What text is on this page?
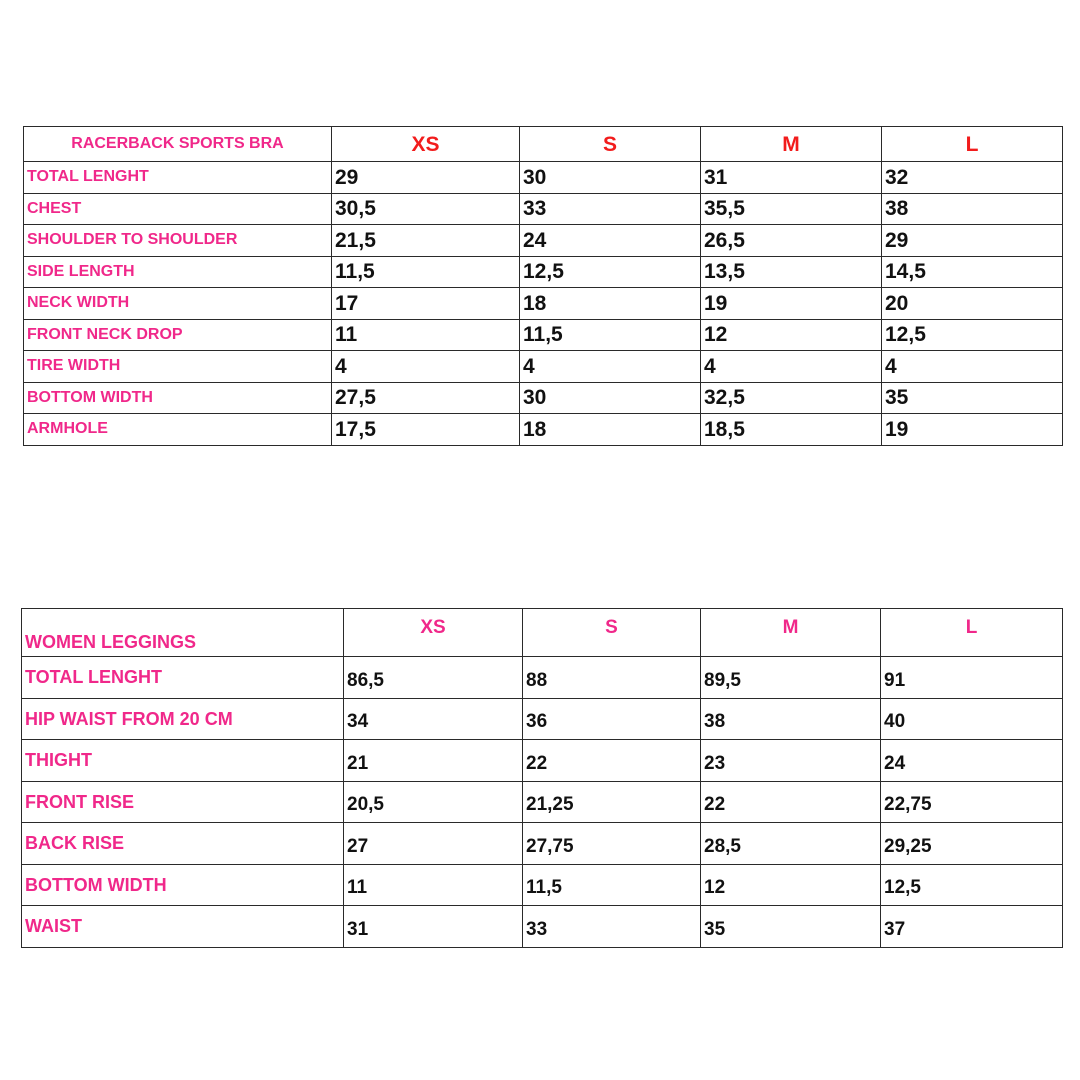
RACERBACK SPORTS BRA	XS	S	M	L
TOTAL LENGHT	29	30	31	32
CHEST	30,5	33	35,5	38
SHOULDER TO SHOULDER	21,5	24	26,5	29
SIDE LENGTH	11,5	12,5	13,5	14,5
NECK WIDTH	17	18	19	20
FRONT NECK DROP	11	11,5	12	12,5
TIRE WIDTH	4	4	4	4
BOTTOM WIDTH	27,5	30	32,5	35
ARMHOLE	17,5	18	18,5	19
WOMEN LEGGINGS	XS	S	M	L
TOTAL LENGHT	86,5	88	89,5	91
HIP WAIST FROM 20 CM	34	36	38	40
THIGHT	21	22	23	24
FRONT RISE	20,5	21,25	22	22,75
BACK RISE	27	27,75	28,5	29,25
BOTTOM WIDTH	11	11,5	12	12,5
WAIST	31	33	35	37
